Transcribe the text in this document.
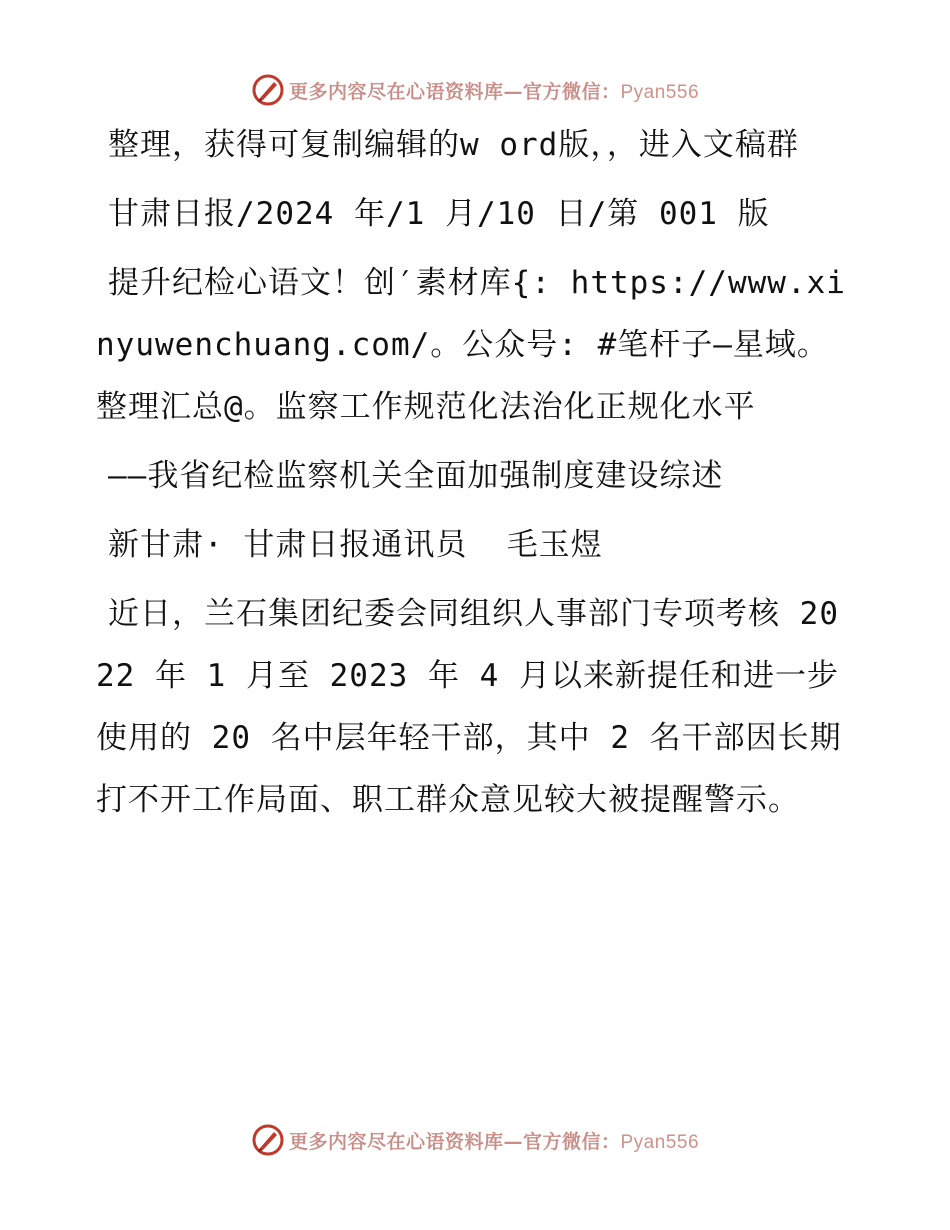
更多内容尽在心语资料库—官方微信：Pyan556

整理，获得可复制编辑的w ord版，，进入文稿群

甘肃日报/2024 年/1 月/10 日/第 001 版

提升纪检心语文！创′素材库{: https://www.xinyuwenchuang.com/。公众号: #笔杆子—星域。整理汇总@。监察工作规范化法治化正规化水平

——我省纪检监察机关全面加强制度建设综述

新甘肃· 甘肃日报通讯员  毛玉煜

近日，兰石集团纪委会同组织人事部门专项考核 2022 年 1 月至 2023 年 4 月以来新提任和进一步使用的 20 名中层年轻干部，其中 2 名干部因长期打不开工作局面、职工群众意见较大被提醒警示。

更多内容尽在心语资料库—官方微信：Pyan556
